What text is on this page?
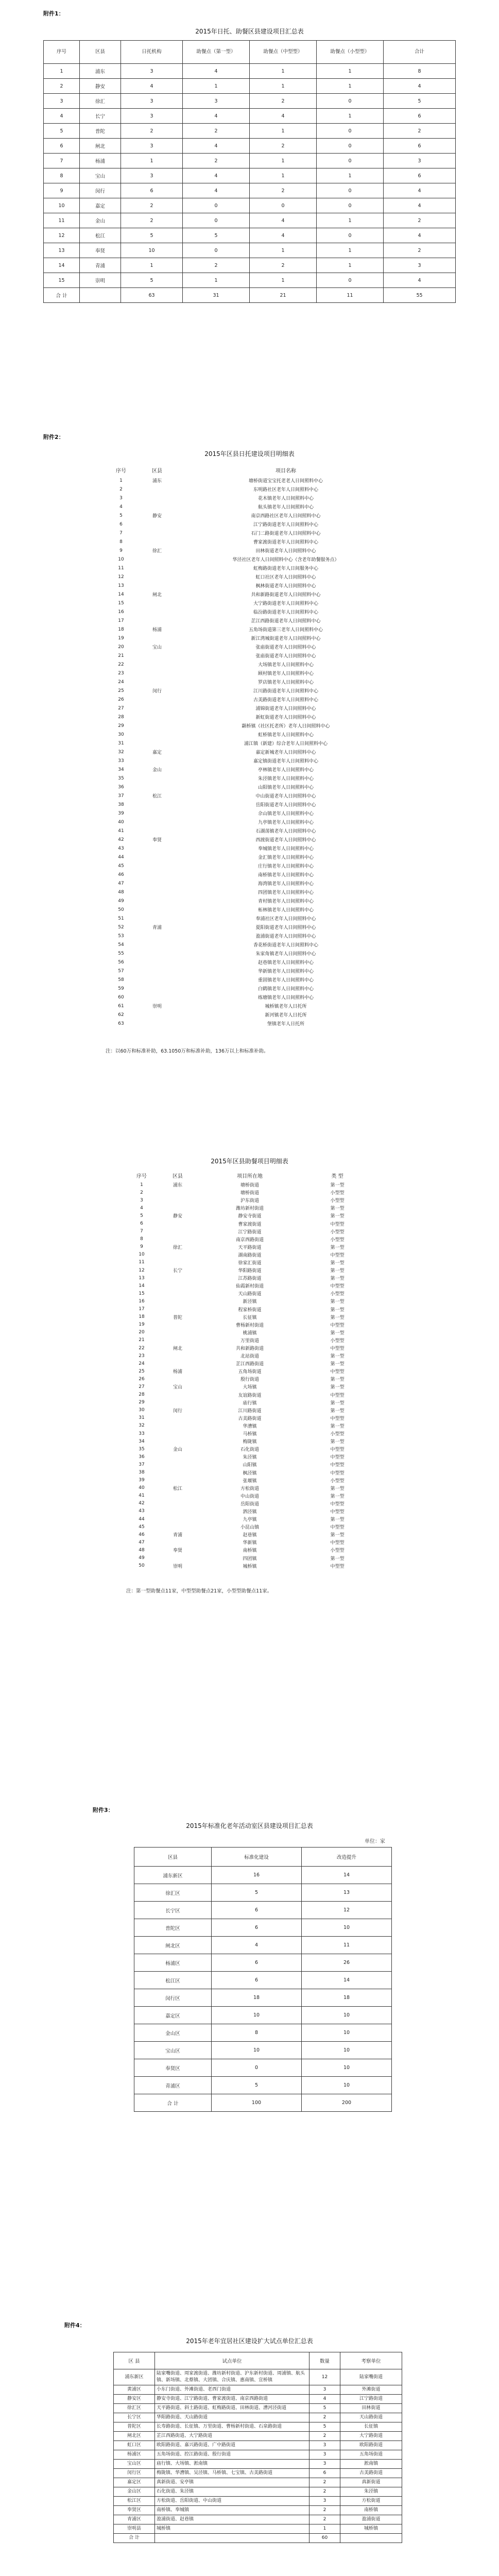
附件1：
2015年日托、助餐区县建设项目汇总表
序号	区县	日托机构	助餐点（第一型）	助餐点（中型型）	助餐点（小型型）	合计
1	浦东	3	4	1	1	8
2	静安	4	1	1	1	4
3	徐汇	3	3	2	0	5
4	长宁	3	4	4	1	6
5	普陀	2	2	1	0	2
6	闸北	3	4	2	0	6
7	杨浦	1	2	1	0	3
8	宝山	3	4	1	1	6
9	闵行	6	4	2	0	4
10	嘉定	2	0	0	0	4
11	金山	2	0	4	1	2
12	松江	5	5	4	0	4
13	奉贤	10	0	1	1	2
14	青浦	1	2	2	1	3
15	崇明	5	1	1	0	4
合 计		63	31	21	11	55
附件2：
2015年区县日托建设项目明细表
序号	区县	项目名称
1	浦东	塘桥街道宝宝托老老人日间照料中心
2		东明路社区老年人日间照料中心
3		花木镇老年人日间照料中心
4		航头镇老年人日间照料中心
5	静安	南京西路社区老年人日间照料中心
6		江宁路街道老年人日间照料中心
7		石门二路街道老年人日间照料中心
8		曹家渡街道老年人日间照料中心
9	徐汇	田林街道老年人日间照料中心
10		华泾社区老年人日间照料中心（含老年助餐服务点）
11		虹梅路街道老年人日间服务中心
12		虹口社区老年人日间照料中心
13		枫林街道老年人日间照料中心
14	闸北	共和新路街道老年人日间照料中心
15		大宁路街道老年人日间照料中心
16		临汾路街道老年人日间照料中心
17		芷江西路街道老年人日间照料中心
18	杨浦	五角场街道第三老年人日间照料中心
19		新江湾城街道老年人日间照料中心
20	宝山	张庙街道老年人日间照料中心
21		张庙街道老年人日间照料中心
22		大场镇老年人日间照料中心
23		顾村镇老年人日间照料中心
24		罗店镇老年人日间照料中心
25	闵行	江川路街道老年人日间照料中心
26		古美路街道老年人日间照料中心
27		浦锦街道老年人日间照料中心
28		新虹街道老年人日间照料中心
29		颛桥镇（社区托老所）老年人日间照料中心
30		虹桥镇老年人日间照料中心
31		浦江镇（新建）综合老年人日间照料中心
32	嘉定	嘉定新城老年人日间照料中心
33		嘉定镇街道老年人日间照料中心
34	金山	亭林镇老年人日间照料中心
35		朱泾镇老年人日间照料中心
36		山阳镇老年人日间照料中心
37	松江	中山街道老年人日间照料中心
38		岳阳街道老年人日间照料中心
39		佘山镇老年人日间照料中心
40		九亭镇老年人日间照料中心
41		石湖荡镇老年人日间照料中心
42	奉贤	西渡街道老年人日间照料中心
43		奉城镇老年人日间照料中心
44		金汇镇老年人日间照料中心
45		庄行镇老年人日间照料中心
46		南桥镇老年人日间照料中心
47		海湾镇老年人日间照料中心
48		四团镇老年人日间照料中心
49		青村镇老年人日间照料中心
50		柘林镇老年人日间照料中心
51		奉浦社区老年人日间照料中心
52	青浦	夏阳街道老年人日间照料中心
53		盈浦街道老年人日间照料中心
54		香花桥街道老年人日间照料中心
55		朱家角镇老年人日间照料中心
56		赵巷镇老年人日间照料中心
57		华新镇老年人日间照料中心
58		重固镇老年人日间照料中心
59		白鹤镇老年人日间照料中心
60		练塘镇老年人日间照料中心
61	崇明	城桥镇老年人日托所
62		新河镇老年人日托所
63		堡镇老年人日托所
注：以60万和标准补助，63.1050万和标准补助，136万以上和标准补助。
2015年区县助餐项目明细表
序号	区县	项目所在地	类 型
1	浦东	塘桥街道	第一型
2		塘桥街道	小型型
3		沪东街道	小型型
4		潍坊新村街道	第一型
5	静安	静安寺街道	第一型
6		曹家渡街道	中型型
7		江宁路街道	小型型
8		南京西路街道	小型型
9	徐汇	天平路街道	第一型
10		湖南路街道	中型型
11		徐家汇街道	第一型
12	长宁	华阳路街道	第一型
13		江苏路街道	第一型
14		仙霞新村街道	中型型
15		天山路街道	小型型
16		新泾镇	第一型
17		程家桥街道	第一型
18	普陀	长征镇	第一型
19		曹杨新村街道	中型型
20		桃浦镇	第一型
21		万里街道	小型型
22	闸北	共和新路街道	中型型
23		北站街道	第一型
24		芷江西路街道	第一型
25	杨浦	五角场街道	中型型
26		殷行街道	第一型
27	宝山	大场镇	第一型
28		友谊路街道	中型型
29		庙行镇	第一型
30	闵行	江川路街道	第一型
31		古美路街道	中型型
32		华漕镇	第一型
33		马桥镇	小型型
34		梅陇镇	第一型
35	金山	石化街道	中型型
36		朱泾镇	中型型
37		山阳镇	中型型
38		枫泾镇	中型型
39		张堰镇	小型型
40	松江	方松街道	第一型
41		中山街道	第一型
42		岳阳街道	中型型
43		泗泾镇	中型型
44		九亭镇	第一型
45		小昆山镇	中型型
46	青浦	赵巷镇	第一型
47		华新镇	中型型
48	奉贤	南桥镇	小型型
49		四团镇	第一型
50	崇明	城桥镇	中型型
注：第一型助餐点11家，中型型助餐点21家，小型型助餐点11家。
附件3：
2015年标准化老年活动室区县建设项目汇总表
单位：家
区县	标准化建设	改造提升
浦东新区	16	14
徐汇区	5	13
长宁区	6	12
普陀区	6	10
闸北区	4	11
杨浦区	6	26
松江区	6	14
闵行区	18	18
嘉定区	10	10
金山区	8	10
宝山区	10	10
奉贤区	0	10
青浦区	5	10
合 计	100	200
附件4：
2015年老年宜居社区建设扩大试点单位汇总表
区 县	试点单位	数量	考察单位
浦东新区	陆家嘴街道、周家渡街道、潍坊新村街道、沪东新村街道、周浦镇、航头镇、新场镇、北蔡镇、大团镇、合庆镇、惠南镇、宣桥镇	12	陆家嘴街道
黄浦区	小东门街道、外滩街道、老西门街道	3	外滩街道
静安区	静安寺街道、江宁路街道、曹家渡街道、南京西路街道	4	江宁路街道
徐汇区	天平路街道、斜土路街道、虹梅路街道、田林街道、漕河泾街道	5	田林街道
长宁区	华阳路街道、天山路街道	2	天山路街道
普陀区	长寿路街道、长征镇、万里街道、曹杨新村街道、石泉路街道	5	长征镇
闸北区	芷江西路街道、大宁路街道	2	大宁路街道
虹口区	欧阳路街道、嘉兴路街道、广中路街道	3	欧阳路街道
杨浦区	五角场街道、控江路街道、殷行街道	3	五角场街道
宝山区	庙行镇、大场镇、淞南镇	3	淞南镇
闵行区	梅陇镇、华漕镇、吴泾镇、马桥镇、七宝镇、古美路街道	6	古美路街道
嘉定区	真新街道、安亭镇	2	真新街道
金山区	石化街道、朱泾镇	2	朱泾镇
松江区	方松街道、岳阳街道、中山街道	3	方松街道
奉贤区	南桥镇、奉城镇	2	南桥镇
青浦区	盈浦街道、赵巷镇	2	盈浦街道
崇明县	城桥镇	1	城桥镇
合 计		60	
